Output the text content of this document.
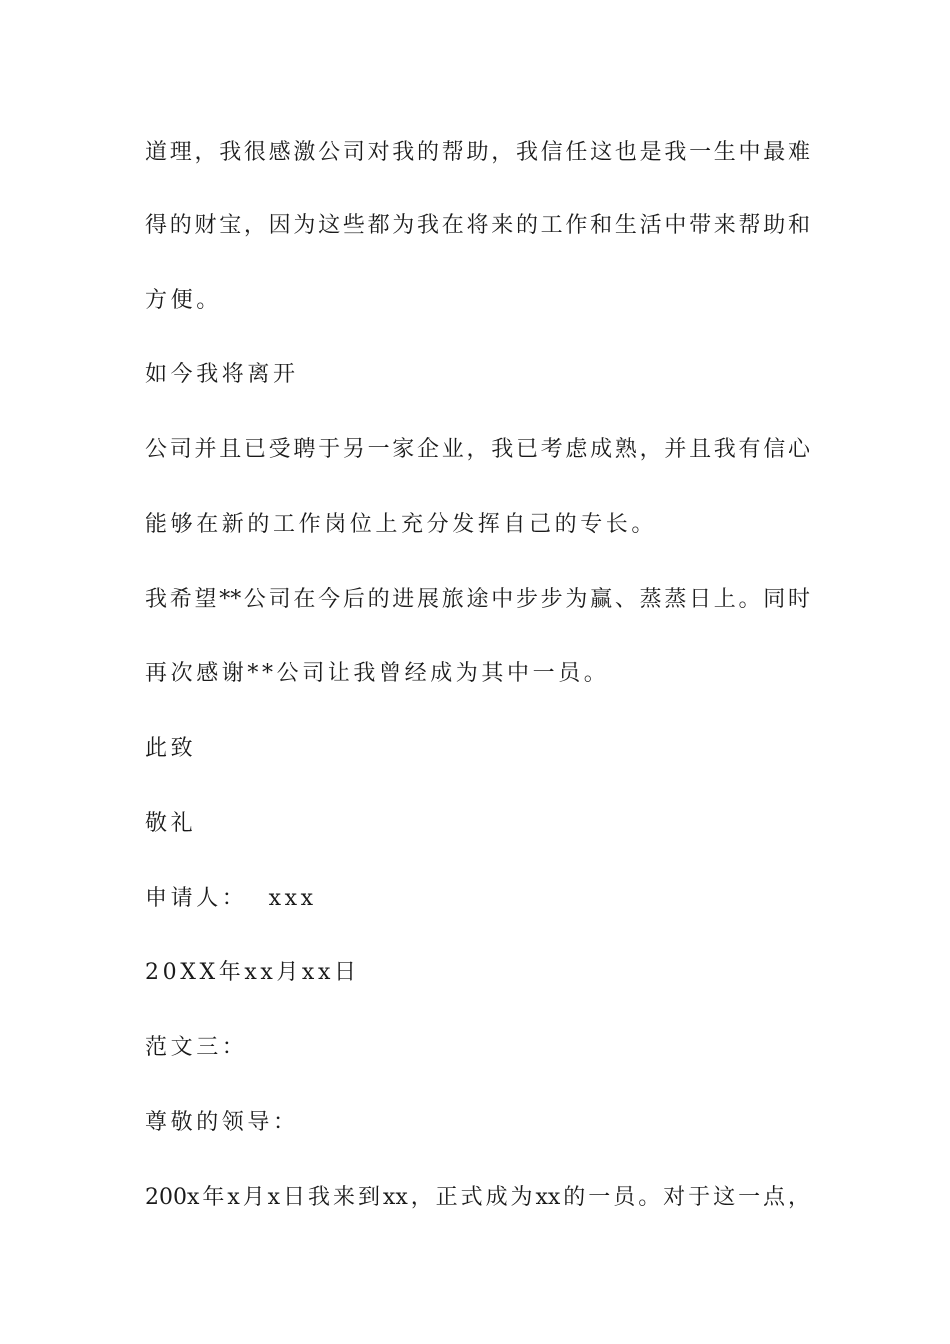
道理，我很感激公司对我的帮助，我信任这也是我一生中最难
得的财宝，因为这些都为我在将来的工作和生活中带来帮助和
方便。
如今我将离开
公司并且已受聘于另一家企业，我已考虑成熟，并且我有信心
能够在新的工作岗位上充分发挥自己的专长。
我希望**公司在今后的进展旅途中步步为赢、蒸蒸日上。同时
再次感谢**公司让我曾经成为其中一员。
此致
敬礼
申请人：  xxx
20XX年xx月xx日
范文三：
尊敬的领导：
200x年x月x日我来到xx，正式成为xx的一员。对于这一点，
